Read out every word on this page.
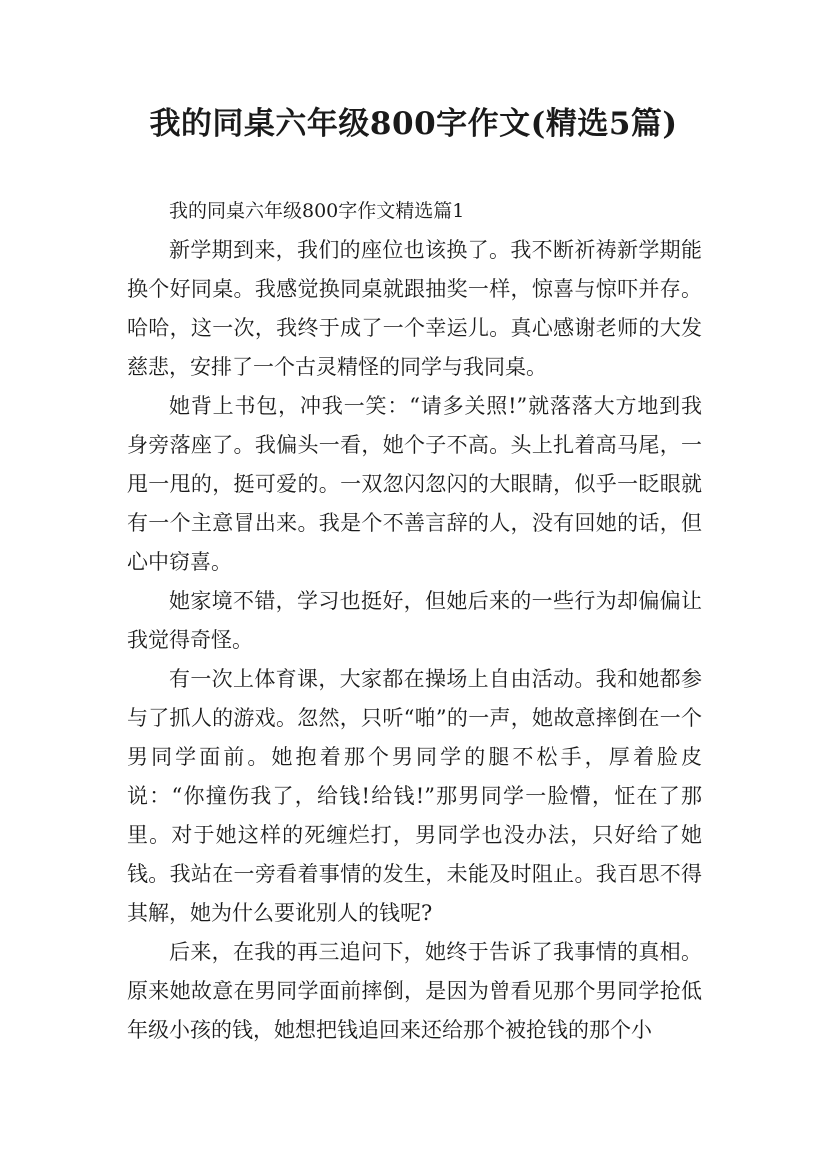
我的同桌六年级800字作文(精选5篇)

我的同桌六年级800字作文精选篇1

新学期到来，我们的座位也该换了。我不断祈祷新学期能换个好同桌。我感觉换同桌就跟抽奖一样，惊喜与惊吓并存。哈哈，这一次，我终于成了一个幸运儿。真心感谢老师的大发慈悲，安排了一个古灵精怪的同学与我同桌。

她背上书包，冲我一笑：“请多关照!”就落落大方地到我身旁落座了。我偏头一看，她个子不高。头上扎着高马尾，一甩一甩的，挺可爱的。一双忽闪忽闪的大眼睛，似乎一眨眼就有一个主意冒出来。我是个不善言辞的人，没有回她的话，但心中窃喜。

她家境不错，学习也挺好，但她后来的一些行为却偏偏让我觉得奇怪。

有一次上体育课，大家都在操场上自由活动。我和她都参与了抓人的游戏。忽然，只听“啪”的一声，她故意摔倒在一个男同学面前。她抱着那个男同学的腿不松手，厚着脸皮说：“你撞伤我了，给钱!给钱!”那男同学一脸懵，怔在了那里。对于她这样的死缠烂打，男同学也没办法，只好给了她钱。我站在一旁看着事情的发生，未能及时阻止。我百思不得其解，她为什么要讹别人的钱呢?

后来，在我的再三追问下，她终于告诉了我事情的真相。原来她故意在男同学面前摔倒，是因为曾看见那个男同学抢低年级小孩的钱，她想把钱追回来还给那个被抢钱的那个小
